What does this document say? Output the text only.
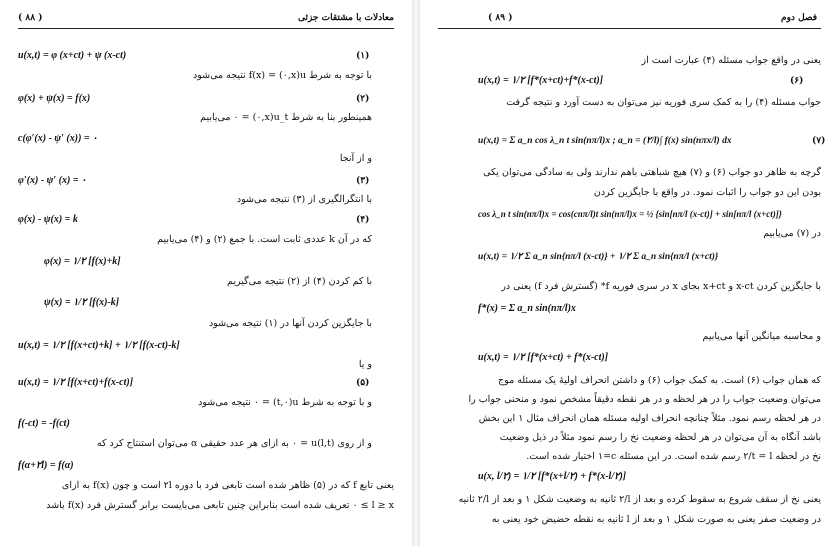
( ٨٨ )	معادلات با مشتقات جزئی
u(x,t) = φ (x+ct) + ψ (x-ct)	(۱)
با توجه به شرط u(x,٠) = f(x) نتیجه می‌شود
φ(x) + ψ(x) = f(x)	(۲)
همینطور بنا به شرط u_t(x,٠) = ٠ می‌یابیم
c(φ′(x) - ψ′ (x)) = ٠
و از آنجا
φ′(x) - ψ′ (x) = ٠	(۳)
با انتگرالگیری از (۳) نتیجه می‌شود
φ(x) - ψ(x) = k	(۴)
که در آن k عددی ثابت است. با جمع (۲) و (۴) می‌یابیم
φ(x) = ١/٢ [f(x)+k]
با کم کردن (۴) از (۲) نتیجه می‌گیریم
ψ(x) = ١/٢ [f(x)-k]
با جایگزین کردن آنها در (۱) نتیجه می‌شود
u(x,t) = ١/٢ [f(x+ct)+k] + ١/٢ [f(x-ct)-k]
و یا
u(x,t) = ١/٢ [f(x+ct)+f(x-ct)]	(۵)
و با توجه به شرط u(٠,t) = ٠ نتیجه می‌شود
f(-ct) = -f(ct)
و از روی u(l,t) = ٠ به ازای هر عدد حقیقی α می‌توان استنتاج کرد که
f(α+٢l) = f(α)
یعنی تابع f که در (۵) ظاهر شده است تابعی فرد با دوره ٢l است و چون f(x) به ازای
l ≥ x ≥ ٠ تعریف شده است بنابراین چنین تابعی می‌بایست برابر گسترش فرد f(x) باشد
( ٨٩ )	فصل دوم
یعنی در واقع جواب مسئله (۴) عبارت است از
u(x,t) = ١/٢ [f*(x+ct)+f*(x-ct)]	(۶)
جواب مسئله (۴) را به کمک سری فوریه نیز می‌توان به دست آورد و نتیجه گرفت
u(x,t) = Σ a_n cos λ_n t sin(nπ/l)x ; a_n = (٢/l)∫ f(x) sin(nπx/l) dx	(۷)
گرچه به ظاهر دو جواب (۶) و (۷) هیچ شباهتی باهم ندارند ولی به سادگی می‌توان یکی
بودن این دو جواب را اثبات نمود. در واقع با جایگزین کردن
cos λ_n t sin(nπ/l)x = cos(cnπ/l)t sin(nπ/l)x = ½ {sin[nπ/l (x-ct)] + sin[nπ/l (x+ct)]}
در (۷) می‌یابیم
u(x,t) = ١/٢ Σ a_n sin{nπ/l (x-ct)} + ١/٢ Σ a_n sin{nπ/l (x+ct)}
با جایگزین کردن x-ct و x+ct بجای x در سری فوریه f* (گسترش فرد f) یعنی در
f*(x) = Σ a_n sin(nπ/l)x
و محاسبه میانگین آنها می‌یابیم
u(x,t) = ١/٢ [f*(x+ct) + f*(x-ct)]
که همان جواب (۶) است. به کمک جواب (۶) و داشتن انحراف اولیهٔ یک مسئله موج
می‌توان وضعیت جواب را در هر لحظه و در هر نقطه دقیقاً مشخص نمود و منحنی جواب را
در هر لحظه رسم نمود. مثلاً چنانچه انحراف اولیه مسئله همان انحراف مثال ١ این بخش
باشد آنگاه به آن می‌توان در هر لحظه وضعیت نخ را رسم نمود مثلاً در ذیل وضعیت
نخ در لحظه t = l/٢ رسم شده است. در این مسئله c=١ اختیار شده است.
u(x, l/٢) = ١/٢ [f*(x+l/٢) + f*(x-l/٢)]
یعنی نخ از سقف شروع به سقوط کرده و بعد از l/٢ ثانیه به وضعیت شکل ١ و بعد از l/٢ ثانیه
در وضعیت صفر یعنی به صورت شکل ١ و بعد از l ثانیه به نقطه حضیض خود یعنی به
